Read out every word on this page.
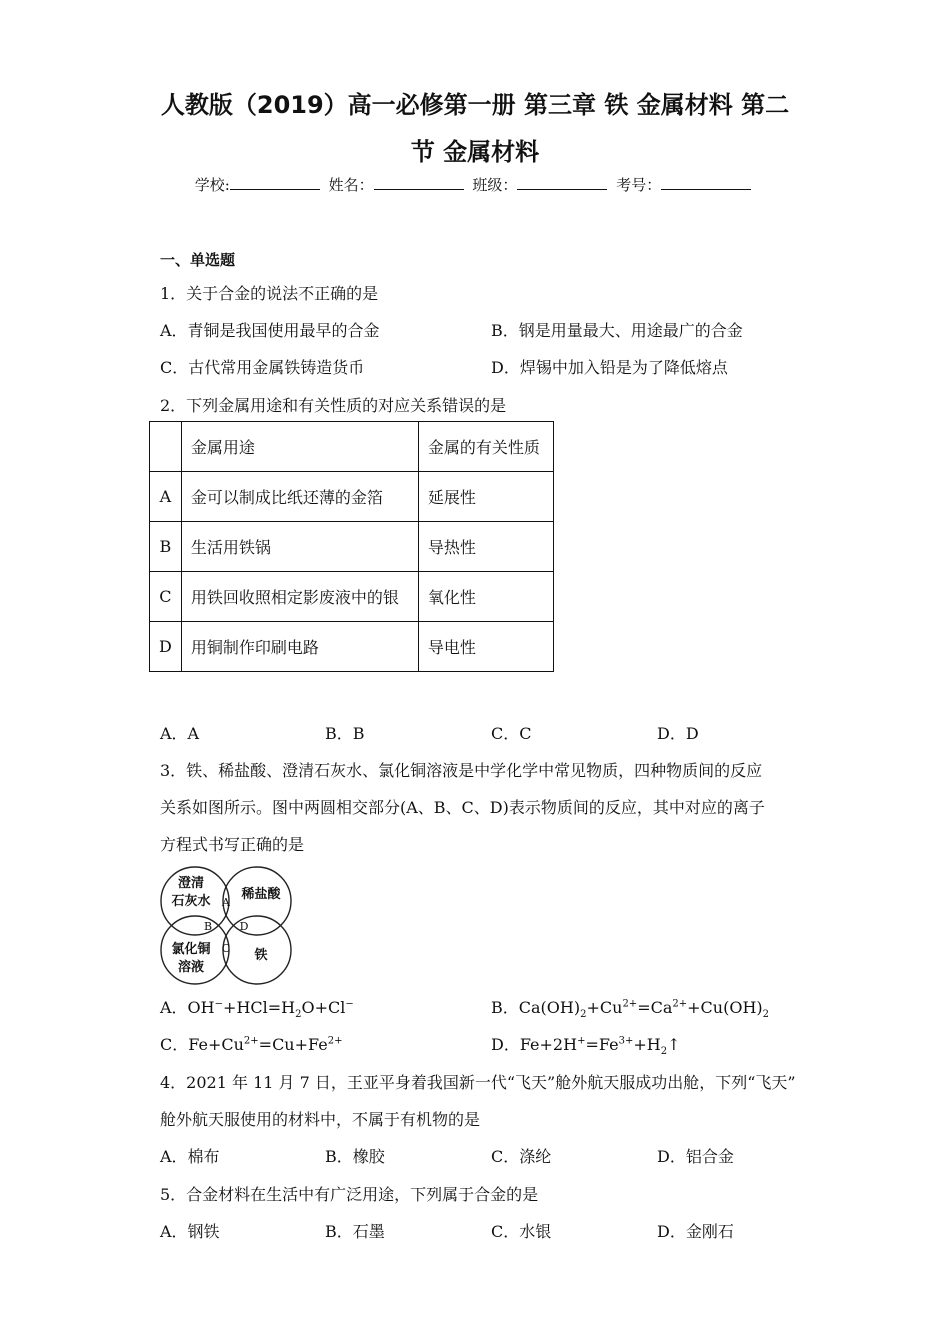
人教版（2019）高一必修第一册 第三章 铁 金属材料 第二
节 金属材料
学校:	姓名：	班级：	考号：
一、单选题
1．关于合金的说法不正确的是
A．青铜是我国使用最早的合金	B．钢是用量最大、用途最广的合金
C．古代常用金属铁铸造货币	D．焊锡中加入铅是为了降低熔点
2．下列金属用途和有关性质的对应关系错误的是
	金属用途	金属的有关性质
A	金可以制成比纸还薄的金箔	延展性
B	生活用铁锅	导热性
C	用铁回收照相定影废液中的银	氧化性
D	用铜制作印刷电路	导电性
A．A	B．B	C．C	D．D
3．铁、稀盐酸、澄清石灰水、氯化铜溶液是中学化学中常见物质，四种物质间的反应
关系如图所示。图中两圆相交部分(A、B、C、D)表示物质间的反应，其中对应的离子
方程式书写正确的是
澄清
石灰水 稀盐酸
氯化铜
溶液
铁
A
B
C
D
A．$OH^-+HCl=H_2O+Cl^-$	B．$Ca(OH)_2+Cu^{2+}=Ca^{2+}+Cu(OH)_2$
C．$Fe+Cu^{2+}=Cu+Fe^{2+}$	D．$Fe+2H^+=Fe^{3+}+H_2↑$
4．2021 年 11 月 7 日，王亚平身着我国新一代“飞天”舱外航天服成功出舱，下列“飞天”
舱外航天服使用的材料中，不属于有机物的是
A．棉布	B．橡胶	C．涤纶	D．铝合金
5．合金材料在生活中有广泛用途，下列属于合金的是
A．钢铁	B．石墨	C．水银	D．金刚石
